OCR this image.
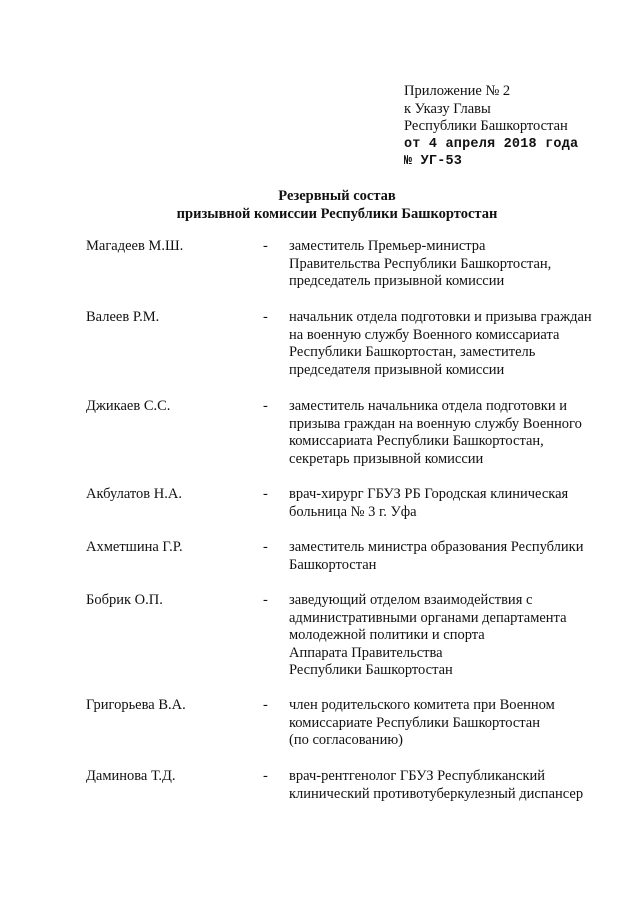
Приложение № 2
к Указу Главы
Республики Башкортостан
от 4 апреля 2018 года
№ УГ-53
Резервный состав
призывной комиссии Республики Башкортостан
Магадеев М.Ш.	- заместитель Премьер-министра
Правительства Республики Башкортостан,
председатель призывной комиссии
Валеев Р.М.	- начальник отдела подготовки и призыва граждан
на военную службу Военного комиссариата
Республики Башкортостан, заместитель
председателя призывной комиссии
Джикаев С.С.	- заместитель начальника отдела подготовки и
призыва граждан на военную службу Военного
комиссариата Республики Башкортостан,
секретарь призывной комиссии
Акбулатов Н.А.	- врач-хирург ГБУЗ РБ Городская клиническая
больница № 3 г. Уфа
Ахметшина Г.Р.	- заместитель министра образования Республики
Башкортостан
Бобрик О.П.	- заведующий отделом взаимодействия с
административными органами департамента
молодежной политики и спорта
Аппарата Правительства
Республики Башкортостан
Григорьева В.А.	- член родительского комитета при Военном
комиссариате Республики Башкортостан
(по согласованию)
Даминова Т.Д.	- врач-рентгенолог ГБУЗ Республиканский
клинический противотуберкулезный диспансер
